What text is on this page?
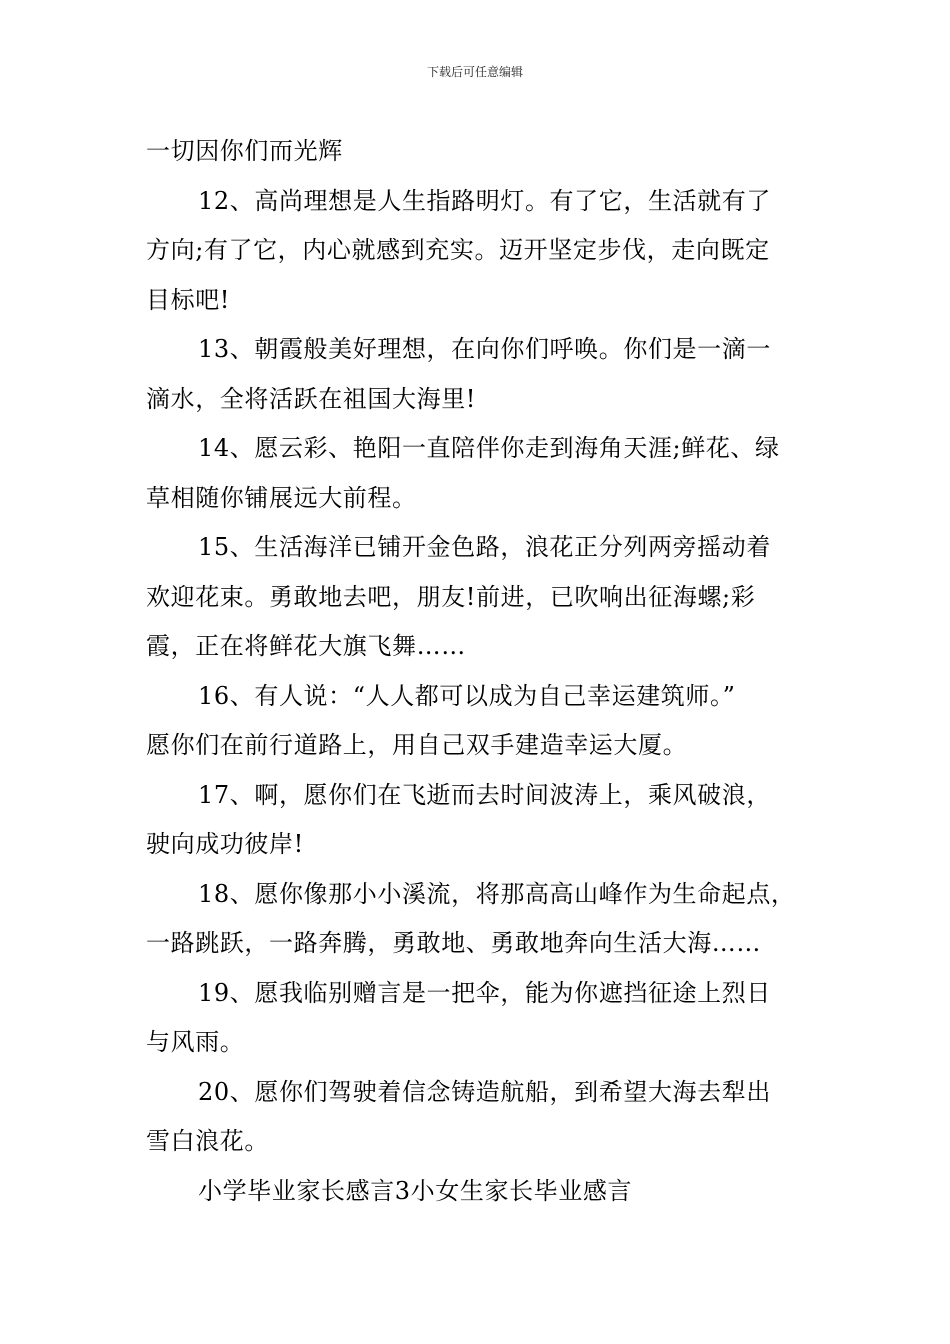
下载后可任意编辑
一切因你们而光辉
12、高尚理想是人生指路明灯。有了它，生活就有了
方向;有了它，内心就感到充实。迈开坚定步伐，走向既定
目标吧!
13、朝霞般美好理想，在向你们呼唤。你们是一滴一
滴水，全将活跃在祖国大海里!
14、愿云彩、艳阳一直陪伴你走到海角天涯;鲜花、绿
草相随你铺展远大前程。
15、生活海洋已铺开金色路，浪花正分列两旁摇动着
欢迎花束。勇敢地去吧，朋友!前进，已吹响出征海螺;彩
霞，正在将鲜花大旗飞舞……
16、有人说：“人人都可以成为自己幸运建筑师。”
愿你们在前行道路上，用自己双手建造幸运大厦。
17、啊，愿你们在飞逝而去时间波涛上，乘风破浪，
驶向成功彼岸!
18、愿你像那小小溪流，将那高高山峰作为生命起点，
一路跳跃，一路奔腾，勇敢地、勇敢地奔向生活大海……
19、愿我临别赠言是一把伞，能为你遮挡征途上烈日
与风雨。
20、愿你们驾驶着信念铸造航船，到希望大海去犁出
雪白浪花。
小学毕业家长感言3小女生家长毕业感言
